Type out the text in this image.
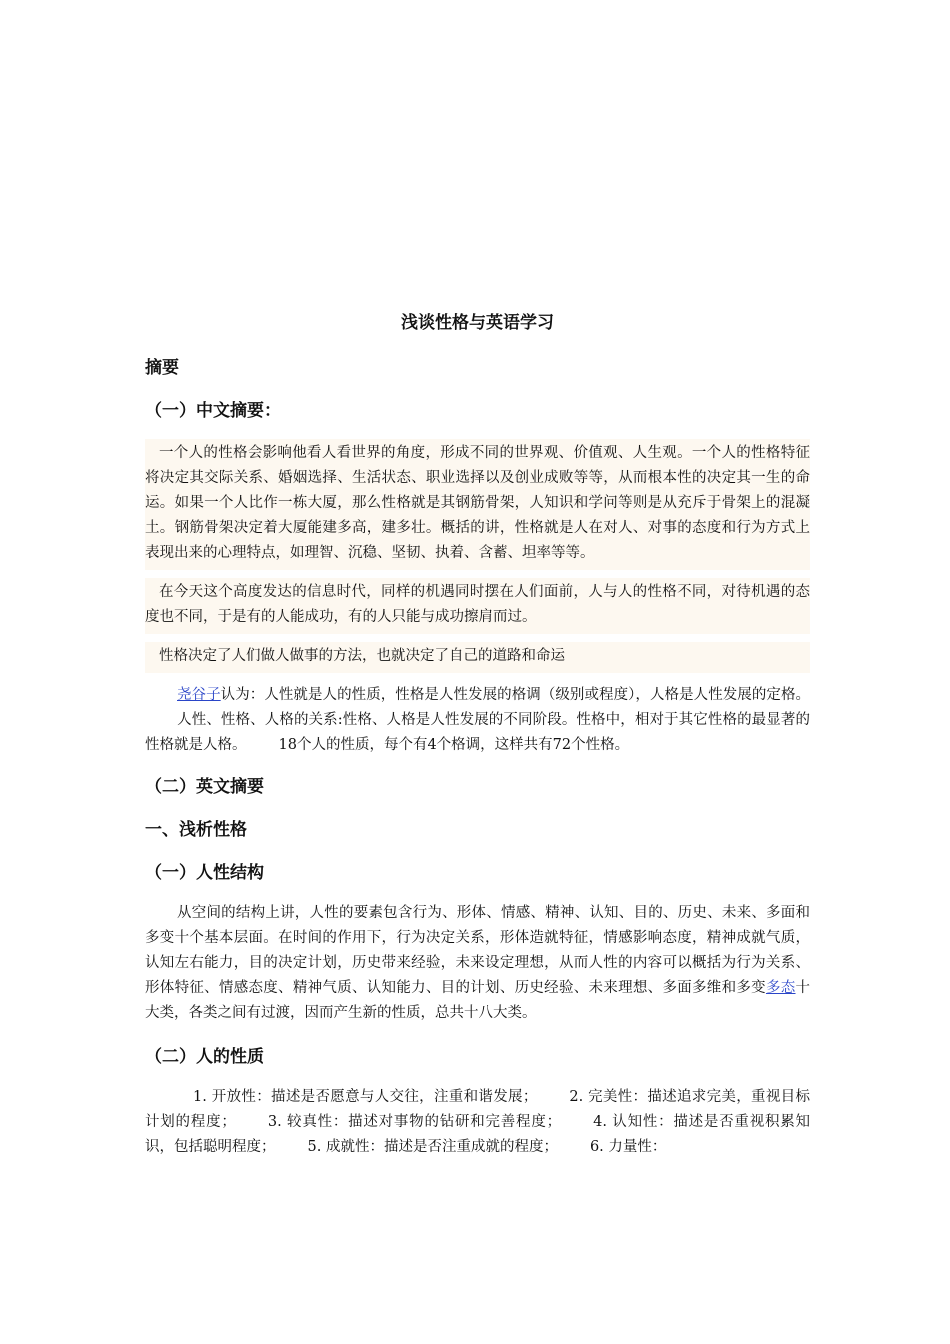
浅谈性格与英语学习
摘要
（一）中文摘要：

一个人的性格会影响他看人看世界的角度，形成不同的世界观、价值观、人生观。一个人的性格特征将决定其交际关系、婚姻选择、生活状态、职业选择以及创业成败等等，从而根本性的决定其一生的命运。如果一个人比作一栋大厦，那么性格就是其钢筋骨架，人知识和学问等则是从充斥于骨架上的混凝土。钢筋骨架决定着大厦能建多高，建多壮。概括的讲，性格就是人在对人、对事的态度和行为方式上表现出来的心理特点，如理智、沉稳、坚韧、执着、含蓄、坦率等等。

在今天这个高度发达的信息时代，同样的机遇同时摆在人们面前，人与人的性格不同，对待机遇的态度也不同，于是有的人能成功，有的人只能与成功擦肩而过。

性格决定了人们做人做事的方法，也就决定了自己的道路和命运

尧谷子认为：人性就是人的性质，性格是人性发展的格调（级别或程度），人格是人性发展的定格。人性、性格、人格的关系:性格、人格是人性发展的不同阶段。性格中，相对于其它性格的最显著的性格就是人格。 18个人的性质，每个有4个格调，这样共有72个性格。

（二）英文摘要
一、浅析性格
（一）人性结构

从空间的结构上讲，人性的要素包含行为、形体、情感、精神、认知、目的、历史、未来、多面和多变十个基本层面。在时间的作用下，行为决定关系，形体造就特征，情感影响态度，精神成就气质，认知左右能力，目的决定计划，历史带来经验，未来设定理想，从而人性的内容可以概括为行为关系、形体特征、情感态度、精神气质、认知能力、目的计划、历史经验、未来理想、多面多维和多变多态十大类，各类之间有过渡，因而产生新的性质，总共十八大类。

（二）人的性质

1. 开放性：描述是否愿意与人交往，注重和谐发展； 2. 完美性：描述追求完美，重视目标计划的程度； 3. 较真性：描述对事物的钻研和完善程度； 4. 认知性：描述是否重视积累知识，包括聪明程度； 5. 成就性：描述是否注重成就的程度； 6. 力量性：
